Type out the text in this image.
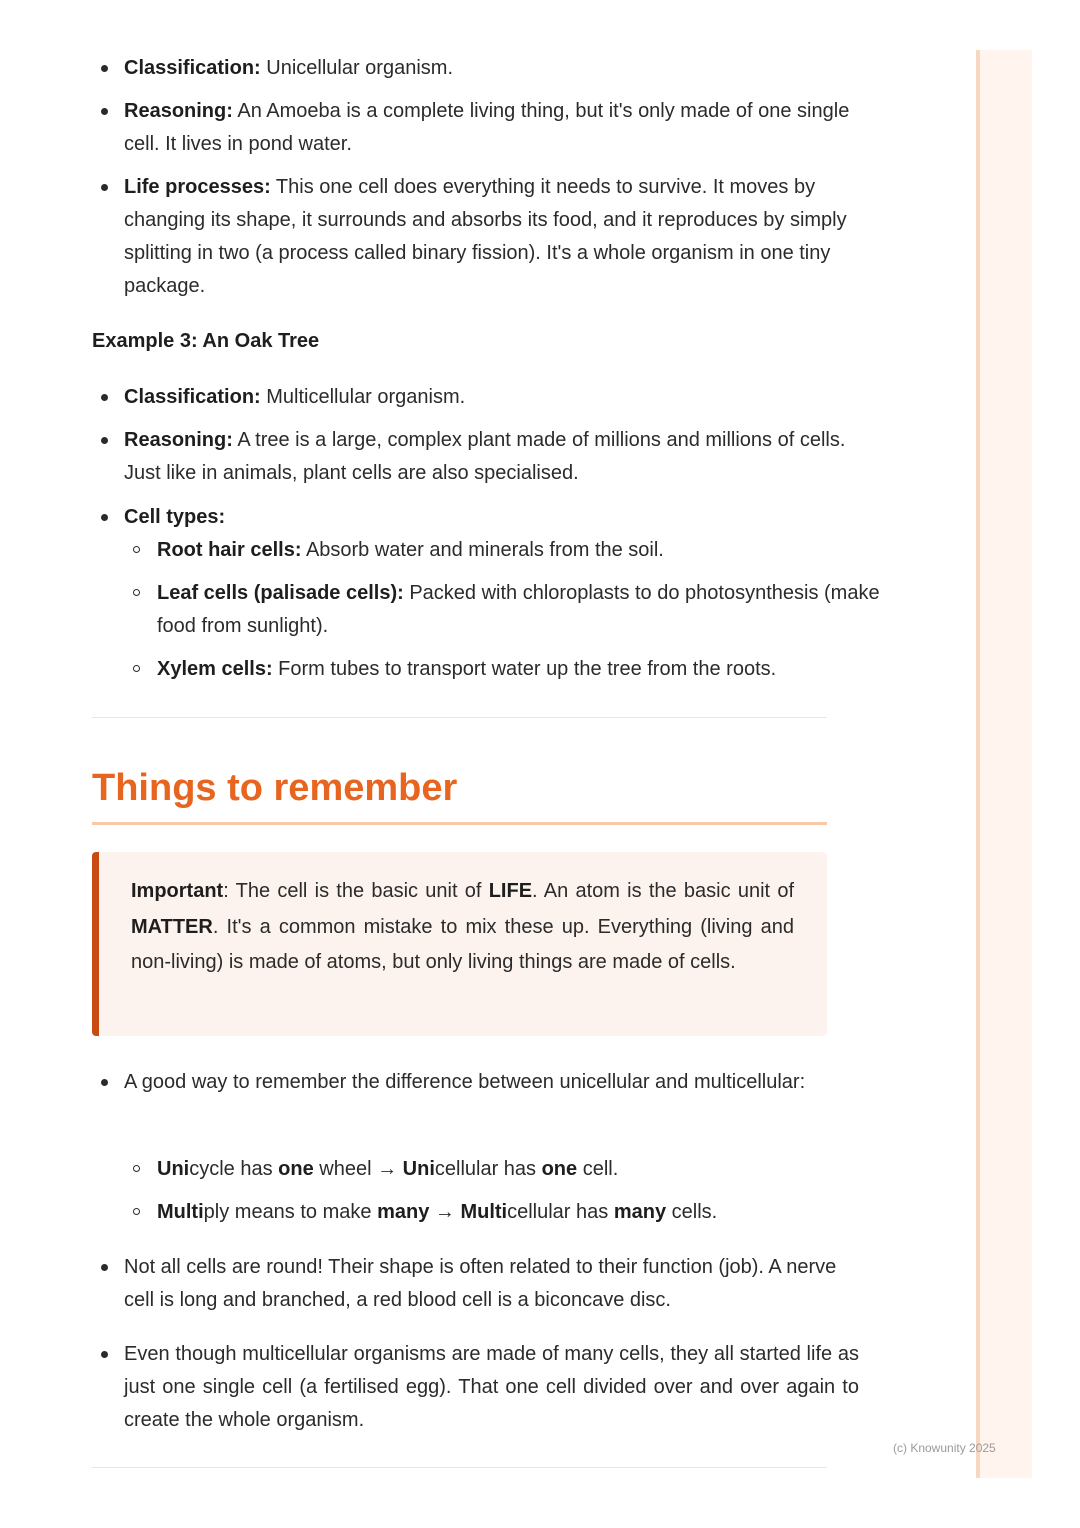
(c) Knowunity 2025
Classification: Unicellular organism.
Reasoning: An Amoeba is a complete living thing, but it's only made of one single cell. It lives in pond water.
Life processes: This one cell does everything it needs to survive. It moves by changing its shape, it surrounds and absorbs its food, and it reproduces by simply splitting in two (a process called binary fission). It's a whole organism in one tiny package.
Example 3: An Oak Tree
Classification: Multicellular organism.
Reasoning: A tree is a large, complex plant made of millions and millions of cells. Just like in animals, plant cells are also specialised.
Cell types:
Root hair cells: Absorb water and minerals from the soil.
Leaf cells (palisade cells): Packed with chloroplasts to do photosynthesis (make food from sunlight).
Xylem cells: Form tubes to transport water up the tree from the roots.
Things to remember
Important: The cell is the basic unit of LIFE. An atom is the basic unit of MATTER. It's a common mistake to mix these up. Everything (living and non-living) is made of atoms, but only living things are made of cells.
A good way to remember the difference between unicellular and multicellular:
Unicycle has one wheel → Unicellular has one cell.
Multiply means to make many → Multicellular has many cells.
Not all cells are round! Their shape is often related to their function (job). A nerve cell is long and branched, a red blood cell is a biconcave disc.
Even though multicellular organisms are made of many cells, they all started life as just one single cell (a fertilised egg). That one cell divided over and over again to create the whole organism.
